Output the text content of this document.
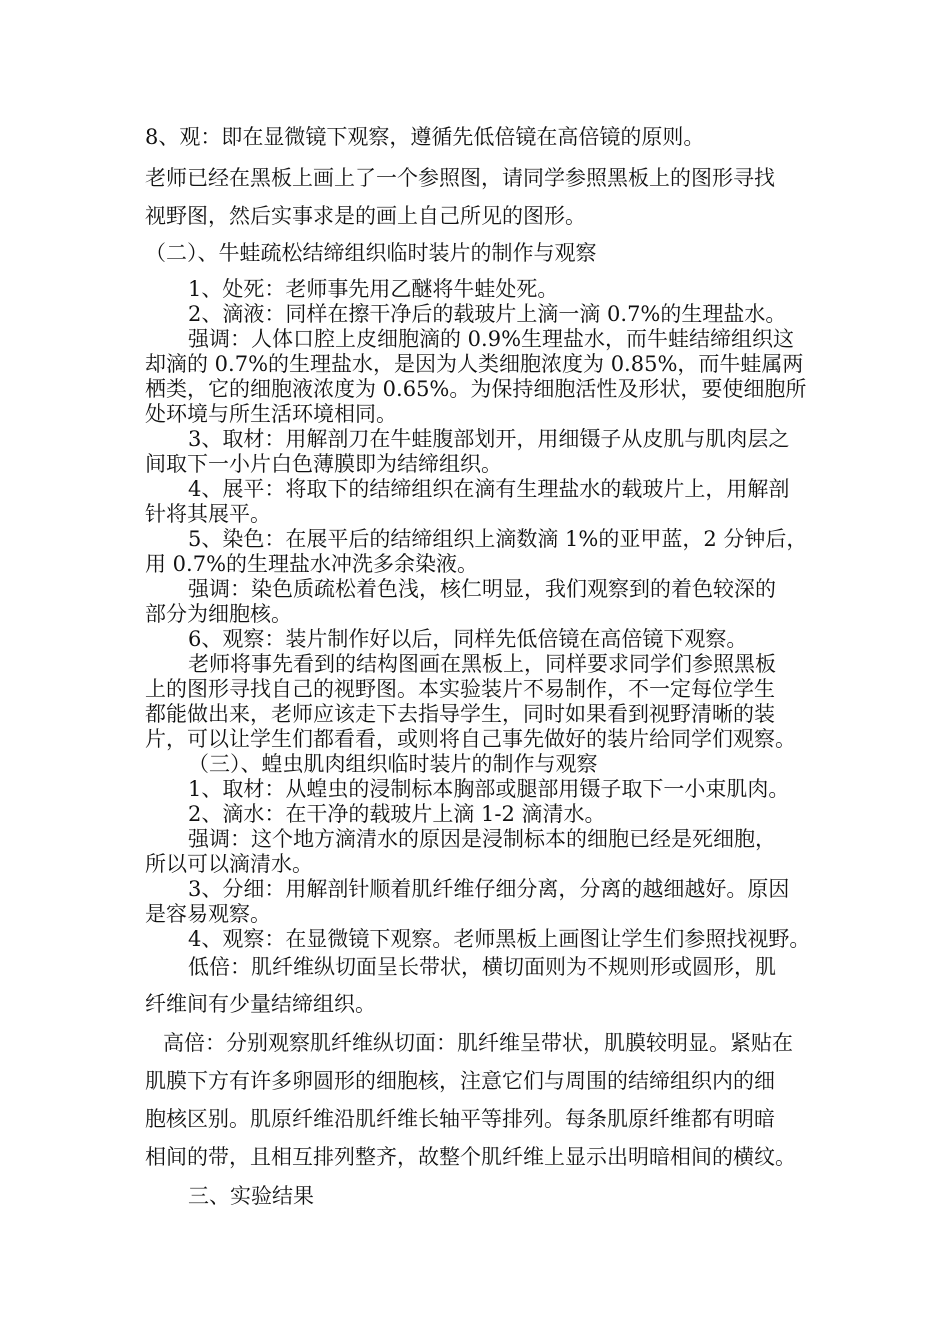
8、观：即在显微镜下观察，遵循先低倍镜在高倍镜的原则。
老师已经在黑板上画上了一个参照图，请同学参照黑板上的图形寻找
视野图，然后实事求是的画上自己所见的图形。
（二）、牛蛙疏松结缔组织临时装片的制作与观察
1、处死：老师事先用乙醚将牛蛙处死。
2、滴液：同样在擦干净后的载玻片上滴一滴 0.7%的生理盐水。
强调：人体口腔上皮细胞滴的 0.9%生理盐水，而牛蛙结缔组织这
却滴的 0.7%的生理盐水，是因为人类细胞浓度为 0.85%，而牛蛙属两
栖类，它的细胞液浓度为 0.65%。为保持细胞活性及形状，要使细胞所
处环境与所生活环境相同。
3、取材：用解剖刀在牛蛙腹部划开，用细镊子从皮肌与肌肉层之
间取下一小片白色薄膜即为结缔组织。
4、展平：将取下的结缔组织在滴有生理盐水的载玻片上，用解剖
针将其展平。
5、染色：在展平后的结缔组织上滴数滴 1%的亚甲蓝，2 分钟后，
用 0.7%的生理盐水冲洗多余染液。
强调：染色质疏松着色浅，核仁明显，我们观察到的着色较深的
部分为细胞核。
6、观察：装片制作好以后，同样先低倍镜在高倍镜下观察。
老师将事先看到的结构图画在黑板上，同样要求同学们参照黑板
上的图形寻找自己的视野图。本实验装片不易制作，不一定每位学生
都能做出来，老师应该走下去指导学生，同时如果看到视野清晰的装
片，可以让学生们都看看，或则将自己事先做好的装片给同学们观察。
（三）、蝗虫肌肉组织临时装片的制作与观察
1、取材：从蝗虫的浸制标本胸部或腿部用镊子取下一小束肌肉。
2、滴水：在干净的载玻片上滴 1-2 滴清水。
强调：这个地方滴清水的原因是浸制标本的细胞已经是死细胞，
所以可以滴清水。
3、分细：用解剖针顺着肌纤维仔细分离，分离的越细越好。原因
是容易观察。
4、观察：在显微镜下观察。老师黑板上画图让学生们参照找视野。
低倍：肌纤维纵切面呈长带状，横切面则为不规则形或圆形，肌
纤维间有少量结缔组织。
高倍：分别观察肌纤维纵切面：肌纤维呈带状，肌膜较明显。紧贴在
肌膜下方有许多卵圆形的细胞核，注意它们与周围的结缔组织内的细
胞核区别。肌原纤维沿肌纤维长轴平等排列。每条肌原纤维都有明暗
相间的带，且相互排列整齐，故整个肌纤维上显示出明暗相间的横纹。
三、实验结果
